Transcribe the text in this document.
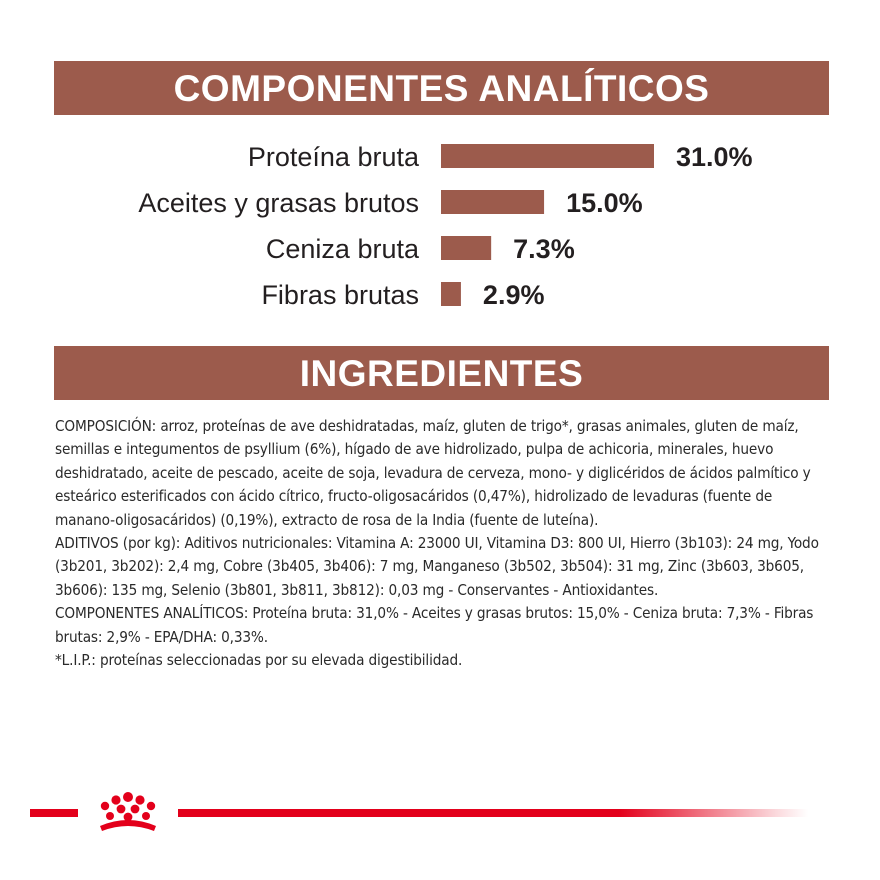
COMPONENTES ANALÍTICOS
Proteína bruta	31.0%
Aceites y grasas brutos	15.0%
Ceniza bruta	7.3%
Fibras brutas 2.9%
INGREDIENTES

COMPOSICIÓN: arroz, proteínas de ave deshidratadas, maíz, gluten de trigo*, grasas animales, gluten de maíz, semillas e integumentos de psyllium (6%), hígado de ave hidrolizado, pulpa de achicoria, minerales, huevo deshidratado, aceite de pescado, aceite de soja, levadura de cerveza, mono- y diglicéridos de ácidos palmítico y esteárico esterificados con ácido cítrico, fructo-oligosacáridos (0,47%), hidrolizado de levaduras (fuente de manano-oligosacáridos) (0,19%), extracto de rosa de la India (fuente de luteína).

ADITIVOS (por kg): Aditivos nutricionales: Vitamina A: 23000 UI, Vitamina D3: 800 UI, Hierro (3b103): 24 mg, Yodo (3b201, 3b202): 2,4 mg, Cobre (3b405, 3b406): 7 mg, Manganeso (3b502, 3b504): 31 mg, Zinc (3b603, 3b605, 3b606): 135 mg, Selenio (3b801, 3b811, 3b812): 0,03 mg - Conservantes - Antioxidantes.

COMPONENTES ANALÍTICOS: Proteína bruta: 31,0% - Aceites y grasas brutos: 15,0% - Ceniza bruta: 7,3% - Fibras brutas: 2,9% - EPA/DHA: 0,33%.

*L.I.P.: proteínas seleccionadas por su elevada digestibilidad.
